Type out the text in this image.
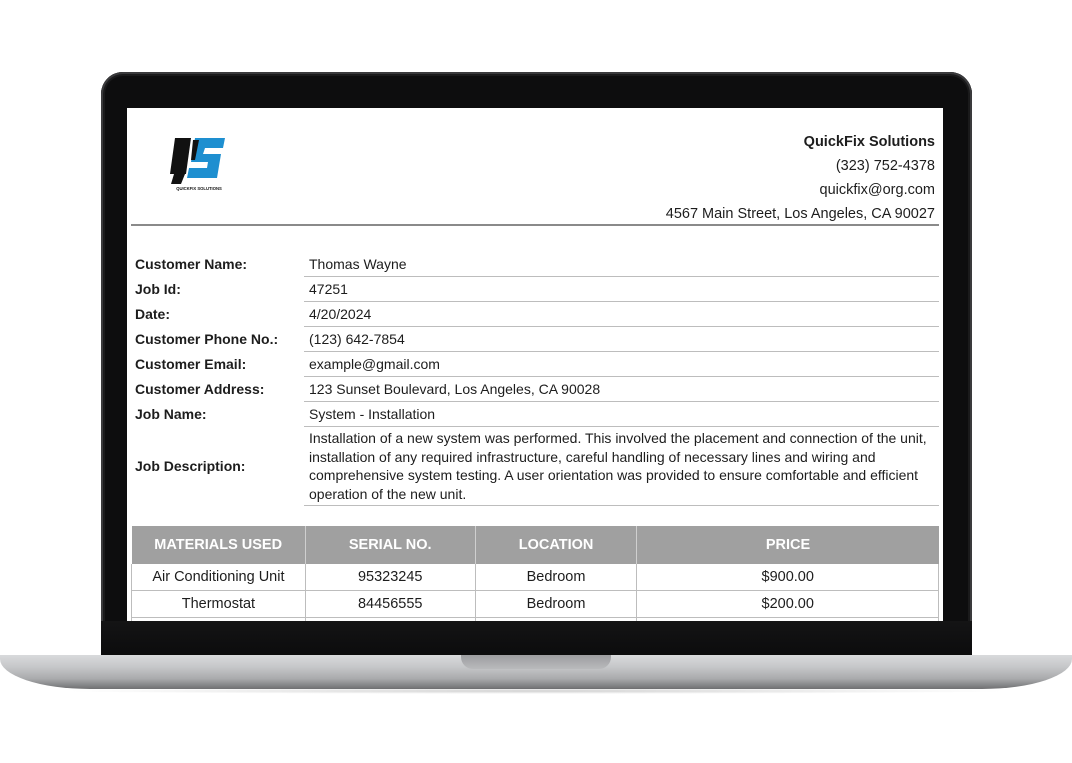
QUICKFIX SOLUTIONS
QuickFix Solutions
(323) 752-4378
quickfix@org.com
4567 Main Street, Los Angeles, CA 90027
Customer Name:	Thomas Wayne
Job Id:	47251
Date:	4/20/2024
Customer Phone No.:	(123) 642-7854
Customer Email:	example@gmail.com
Customer Address:	123 Sunset Boulevard, Los Angeles, CA 90028
Job Name:	System - Installation
Job Description:	Installation of a new system was performed. This involved the placement and connection of the unit, installation of any required infrastructure, careful handling of necessary lines and wiring and comprehensive system testing. A user orientation was provided to ensure comfortable and efficient operation of the new unit.
MATERIALS USED	SERIAL NO.	LOCATION	PRICE
Air Conditioning Unit	95323245	Bedroom	$900.00
Thermostat	84456555	Bedroom	$200.00
